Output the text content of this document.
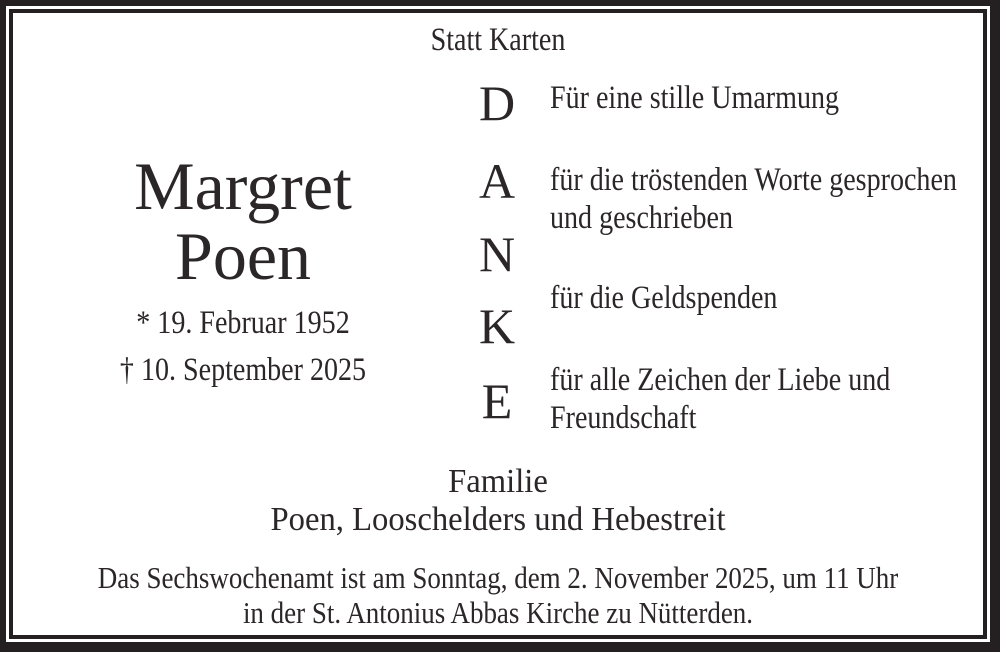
Statt Karten
Margret
Poen
* 19. Februar 1952
† 10. September 2025
D
A
N
K
E
Für eine stille Umarmung
für die tröstenden Worte gesprochen
und geschrieben
für die Geldspenden
für alle Zeichen der Liebe und
Freundschaft
Familie
Poen, Looschelders und Hebestreit
Das Sechswochenamt ist am Sonntag, dem 2. November 2025, um 11 Uhr
in der St. Antonius Abbas Kirche zu Nütterden.
